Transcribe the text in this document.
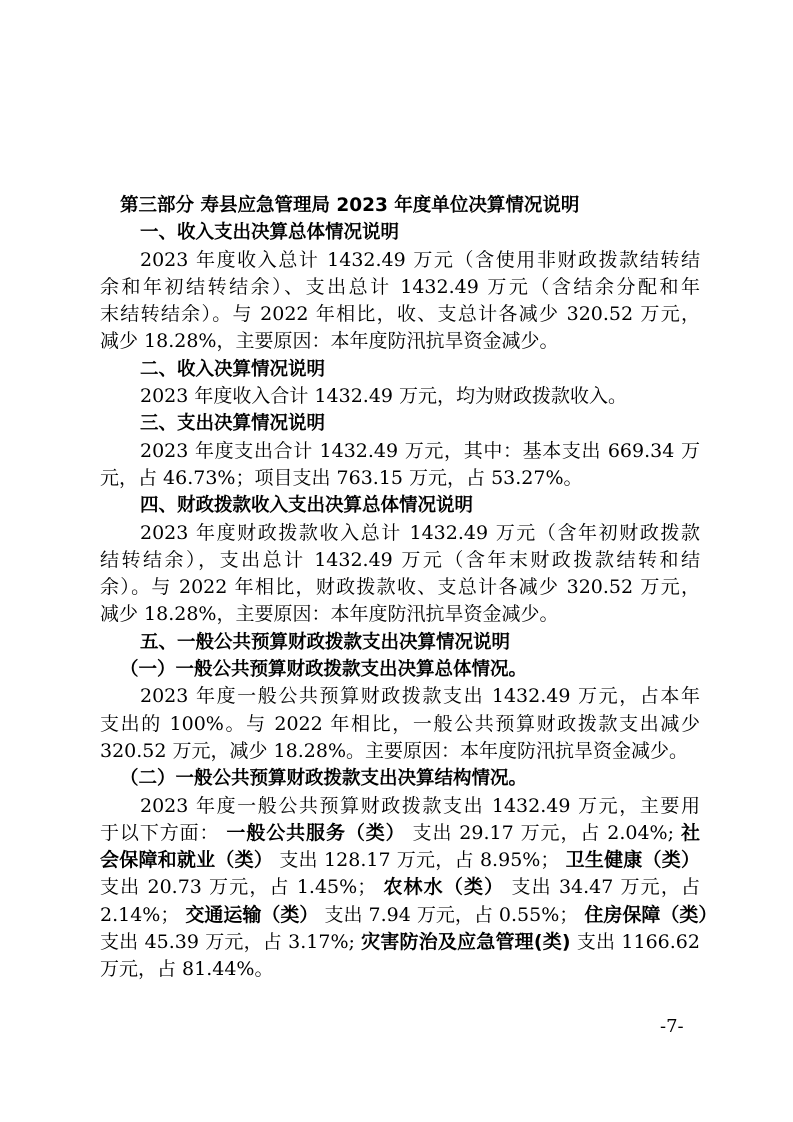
第三部分 寿县应急管理局 2023 年度单位决算情况说明
一、收入支出决算总体情况说明
2023 年度收入总计 1432.49 万元（含使用非财政拨款结转结
余和年初结转结余）、支出总计 1432.49 万元（含结余分配和年
末结转结余）。与 2022 年相比，收、支总计各减少 320.52 万元，
减少 18.28%，主要原因：本年度防汛抗旱资金减少。
二、收入决算情况说明
2023 年度收入合计 1432.49 万元，均为财政拨款收入。
三、支出决算情况说明
2023 年度支出合计 1432.49 万元，其中：基本支出 669.34 万
元，占 46.73%；项目支出 763.15 万元，占 53.27%。
四、财政拨款收入支出决算总体情况说明
2023 年度财政拨款收入总计 1432.49 万元（含年初财政拨款
结转结余），支出总计 1432.49 万元（含年末财政拨款结转和结
余）。与 2022 年相比，财政拨款收、支总计各减少 320.52 万元，
减少 18.28%，主要原因：本年度防汛抗旱资金减少。
五、一般公共预算财政拨款支出决算情况说明
（一）一般公共预算财政拨款支出决算总体情况。
2023 年度一般公共预算财政拨款支出 1432.49 万元，占本年
支出的 100%。与 2022 年相比，一般公共预算财政拨款支出减少
320.52 万元，减少 18.28%。主要原因：本年度防汛抗旱资金减少。
（二）一般公共预算财政拨款支出决算结构情况。
2023 年度一般公共预算财政拨款支出 1432.49 万元，主要用
于以下方面： 一般公共服务（类） 支出 29.17 万元，占 2.04%; 社
会保障和就业（类） 支出 128.17 万元，占 8.95%； 卫生健康（类）
支出 20.73 万元，占 1.45%； 农林水（类） 支出 34.47 万元，占
2.14%； 交通运输（类） 支出 7.94 万元，占 0.55%； 住房保障（类）
支出 45.39 万元，占 3.17%; 灾害防治及应急管理(类) 支出 1166.62
万元，占 81.44%。
-7-
